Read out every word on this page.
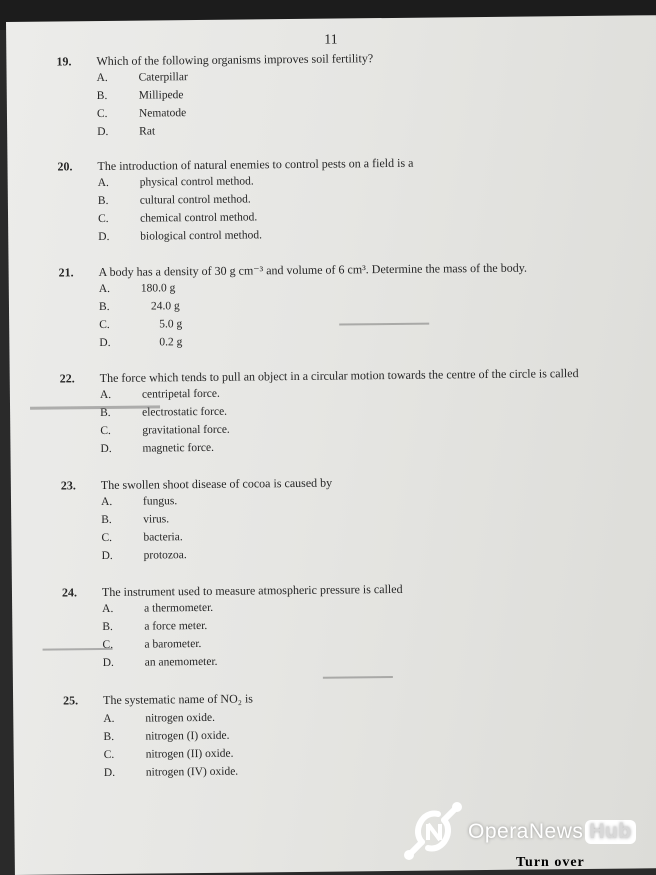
11
19. Which of the following organisms improves soil fertility?
A.	Caterpillar
B.	Millipede
C.	Nematode
D.	Rat
20. The introduction of natural enemies to control pests on a field is a
A.	physical control method.
B.	cultural control method.
C.	chemical control method.
D.	biological control method.
21. A body has a density of 30 g cm⁻³ and volume of 6 cm³. Determine the mass of the body.
A.	180.0 g
B.	24.0 g
C.	5.0 g
D.	0.2 g
22. The force which tends to pull an object in a circular motion towards the centre of the circle is called
A.	centripetal force.
B.	electrostatic force.
C.	gravitational force.
D.	magnetic force.
23. The swollen shoot disease of cocoa is caused by
A.	fungus.
B.	virus.
C.	bacteria.
D.	protozoa.
24. The instrument used to measure atmospheric pressure is called
A.	a thermometer.
B.	a force meter.
C.	a barometer.
D.	an anemometer.
25. The systematic name of NO₂ is
A.	nitrogen oxide.
B.	nitrogen (I) oxide.
C.	nitrogen (II) oxide.
D.	nitrogen (IV) oxide.
Turn over
OperaNews Hub
